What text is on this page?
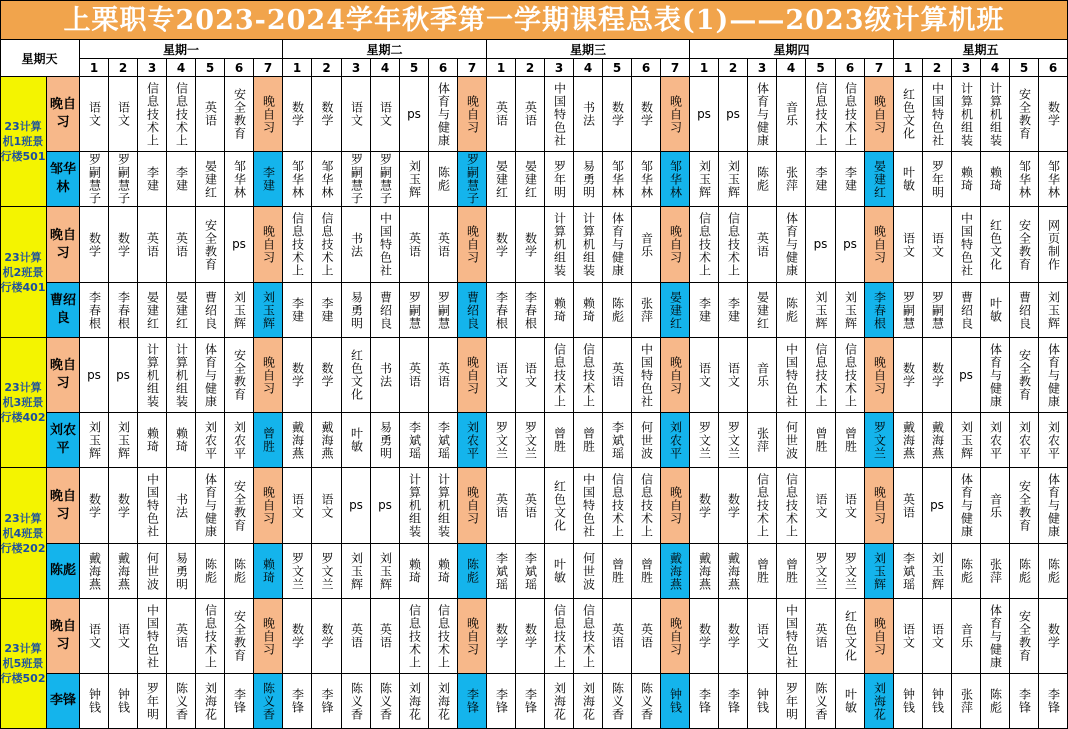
上栗职专2023-2024学年秋季第一学期课程总表(1)——2023级计算机班
星期天
星期一
1 2 3 4 5 6 7
星期二
1 2 3 4 5 6 7
星期三
1 2 3 4 5 6 7
星期四
1 2 3 4 5 6 7
星期五
1 2 3 4 5 6
23计算机1班景行楼501
晚自习
邹华林
语文
罗嗣慧子
语文
罗嗣慧子
信息技术上
李建
信息技术上
李建
英语
晏建红
安全教育
邹华林
晚自习
李建
数学
邹华林
数学
邹华林
语文
罗嗣慧子
语文
罗嗣慧子
ps
刘玉辉
体育与健康
陈彪
晚自习
罗嗣慧子
英语
晏建红
英语
晏建红
中国特色社
罗年明
书法
易勇明
数学
邹华林
数学
邹华林
晚自习
邹华林
ps
刘玉辉
ps
刘玉辉
体育与健康
陈彪
音乐
张萍
信息技术上
李建
信息技术上
李建
晚自习
晏建红
红色文化
叶敏
中国特色社
罗年明
计算机组装
赖琦
计算机组装
赖琦
安全教育
邹华林
数学
邹华林
23计算机2班景行楼401
晚自习
曹绍良
数学
李春根
数学
李春根
英语
晏建红
英语
晏建红
安全教育
曹绍良
ps
刘玉辉
晚自习
刘玉辉
信息技术上
李建
信息技术上
李建
书法
易勇明
中国特色社
曹绍良
英语
罗嗣慧
英语
罗嗣慧
晚自习
曹绍良
数学
李春根
数学
李春根
计算机组装
赖琦
计算机组装
赖琦
体育与健康
陈彪
音乐
张萍
晚自习
晏建红
信息技术上
李建
信息技术上
李建
英语
晏建红
体育与健康
陈彪
ps
刘玉辉
ps
刘玉辉
晚自习
李春根
语文
罗嗣慧
语文
罗嗣慧
中国特色社
曹绍良
红色文化
叶敏
安全教育
曹绍良
网页制作
刘玉辉
23计算机3班景行楼402
晚自习
刘农平
ps
刘玉辉
ps
刘玉辉
计算机组装
赖琦
计算机组装
赖琦
体育与健康
刘农平
安全教育
刘农平
晚自习
曾胜
数学
戴海燕
数学
戴海燕
红色文化
叶敏
书法
易勇明
英语
李斌瑶
英语
李斌瑶
晚自习
刘农平
语文
罗文兰
语文
罗文兰
信息技术上
曾胜
信息技术上
曾胜
英语
李斌瑶
中国特色社
何世波
晚自习
刘农平
语文
罗文兰
语文
罗文兰
音乐
张萍
中国特色社
何世波
信息技术上
曾胜
信息技术上
曾胜
晚自习
罗文兰
数学
戴海燕
数学
戴海燕
ps
刘玉辉
体育与健康
刘农平
安全教育
刘农平
体育与健康
刘农平
23计算机4班景行楼202
晚自习
陈彪
数学
戴海燕
数学
戴海燕
中国特色社
何世波
书法
易勇明
体育与健康
陈彪
安全教育
陈彪
晚自习
赖琦
语文
罗文兰
语文
罗文兰
ps
刘玉辉
ps
刘玉辉
计算机组装
赖琦
计算机组装
赖琦
晚自习
陈彪
英语
李斌瑶
英语
李斌瑶
红色文化
叶敏
中国特色社
何世波
信息技术上
曾胜
信息技术上
曾胜
晚自习
戴海燕
数学
戴海燕
数学
戴海燕
信息技术上
曾胜
信息技术上
曾胜
语文
罗文兰
语文
罗文兰
晚自习
刘玉辉
英语
李斌瑶
ps
刘玉辉
体育与健康
陈彪
音乐
张萍
安全教育
陈彪
体育与健康
陈彪
23计算机5班景行楼502
晚自习
李锋
语文
钟钱
语文
钟钱
中国特色社
罗年明
英语
陈义香
信息技术上
刘海花
安全教育
李锋
晚自习
陈义香
数学
李锋
数学
李锋
英语
陈义香
英语
陈义香
信息技术上
刘海花
信息技术上
刘海花
晚自习
李锋
数学
李锋
数学
李锋
信息技术上
刘海花
信息技术上
刘海花
英语
陈义香
英语
陈义香
晚自习
钟钱
数学
李锋
数学
李锋
语文
钟钱
中国特色社
罗年明
英语
陈义香
红色文化
叶敏
晚自习
刘海花
语文
钟钱
语文
钟钱
音乐
张萍
体育与健康
陈彪
安全教育
李锋
数学
李锋
